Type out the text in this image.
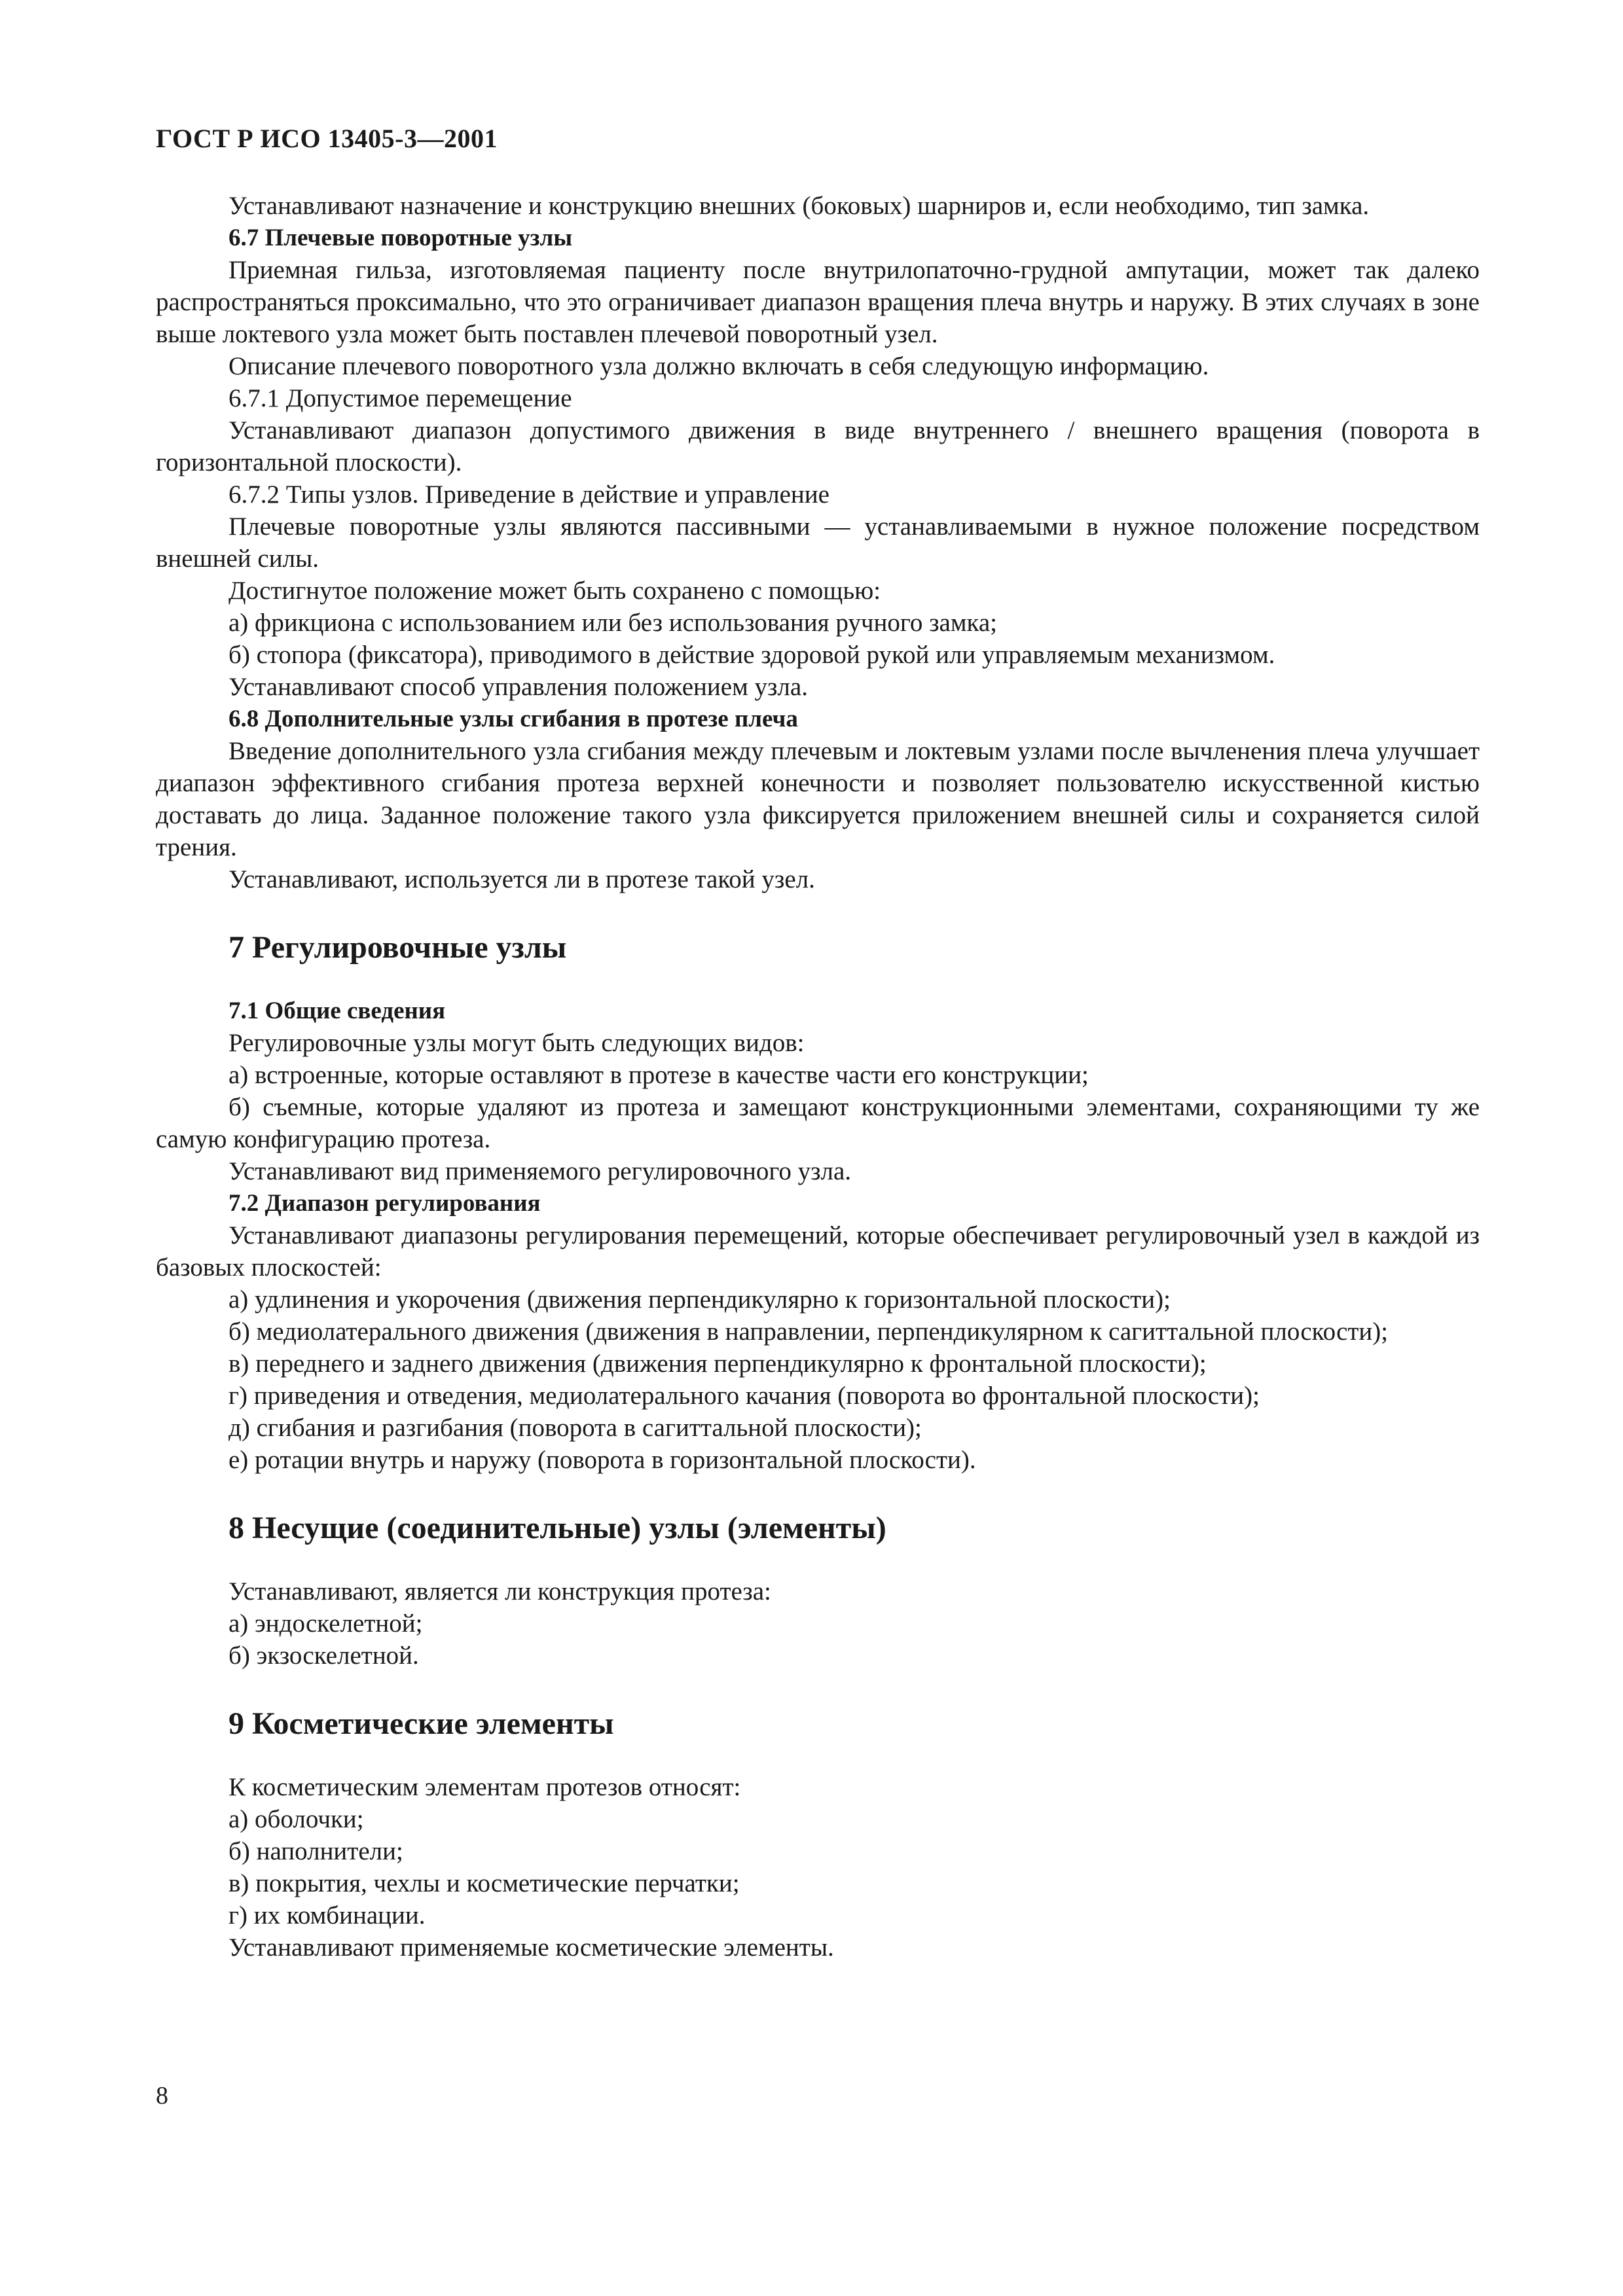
ГОСТ Р ИСО 13405-3—2001

Устанавливают назначение и конструкцию внешних (боковых) шарниров и, если необходимо, тип замка.

6.7 Плечевые поворотные узлы

Приемная гильза, изготовляемая пациенту после внутрилопаточно-грудной ампутации, может так далеко распространяться проксимально, что это ограничивает диапазон вращения плеча внутрь и наружу. В этих случаях в зоне выше локтевого узла может быть поставлен плечевой поворотный узел.

Описание плечевого поворотного узла должно включать в себя следующую информацию.

6.7.1 Допустимое перемещение

Устанавливают диапазон допустимого движения в виде внутреннего / внешнего вращения (поворота в горизонтальной плоскости).

6.7.2 Типы узлов. Приведение в действие и управление

Плечевые поворотные узлы являются пассивными — устанавливаемыми в нужное положение посредством внешней силы.

Достигнутое положение может быть сохранено с помощью:

а) фрикциона с использованием или без использования ручного замка;

б) стопора (фиксатора), приводимого в действие здоровой рукой или управляемым механизмом.

Устанавливают способ управления положением узла.

6.8 Дополнительные узлы сгибания в протезе плеча

Введение дополнительного узла сгибания между плечевым и локтевым узлами после вычленения плеча улучшает диапазон эффективного сгибания протеза верхней конечности и позволяет пользователю искусственной кистью доставать до лица. Заданное положение такого узла фиксируется приложением внешней силы и сохраняется силой трения.

Устанавливают, используется ли в протезе такой узел.

7 Регулировочные узлы

7.1 Общие сведения

Регулировочные узлы могут быть следующих видов:

а) встроенные, которые оставляют в протезе в качестве части его конструкции;

б) съемные, которые удаляют из протеза и замещают конструкционными элементами, сохраняющими ту же самую конфигурацию протеза.

Устанавливают вид применяемого регулировочного узла.

7.2 Диапазон регулирования

Устанавливают диапазоны регулирования перемещений, которые обеспечивает регулировочный узел в каждой из базовых плоскостей:

а) удлинения и укорочения (движения перпендикулярно к горизонтальной плоскости);

б) медиолатерального движения (движения в направлении, перпендикулярном к сагиттальной плоскости);

в) переднего и заднего движения (движения перпендикулярно к фронтальной плоскости);

г) приведения и отведения, медиолатерального качания (поворота во фронтальной плоскости);

д) сгибания и разгибания (поворота в сагиттальной плоскости);

е) ротации внутрь и наружу (поворота в горизонтальной плоскости).

8 Несущие (соединительные) узлы (элементы)

Устанавливают, является ли конструкция протеза:

а) эндоскелетной;

б) экзоскелетной.

9 Косметические элементы

К косметическим элементам протезов относят:

а) оболочки;

б) наполнители;

в) покрытия, чехлы и косметические перчатки;

г) их комбинации.

Устанавливают применяемые косметические элементы.

8
